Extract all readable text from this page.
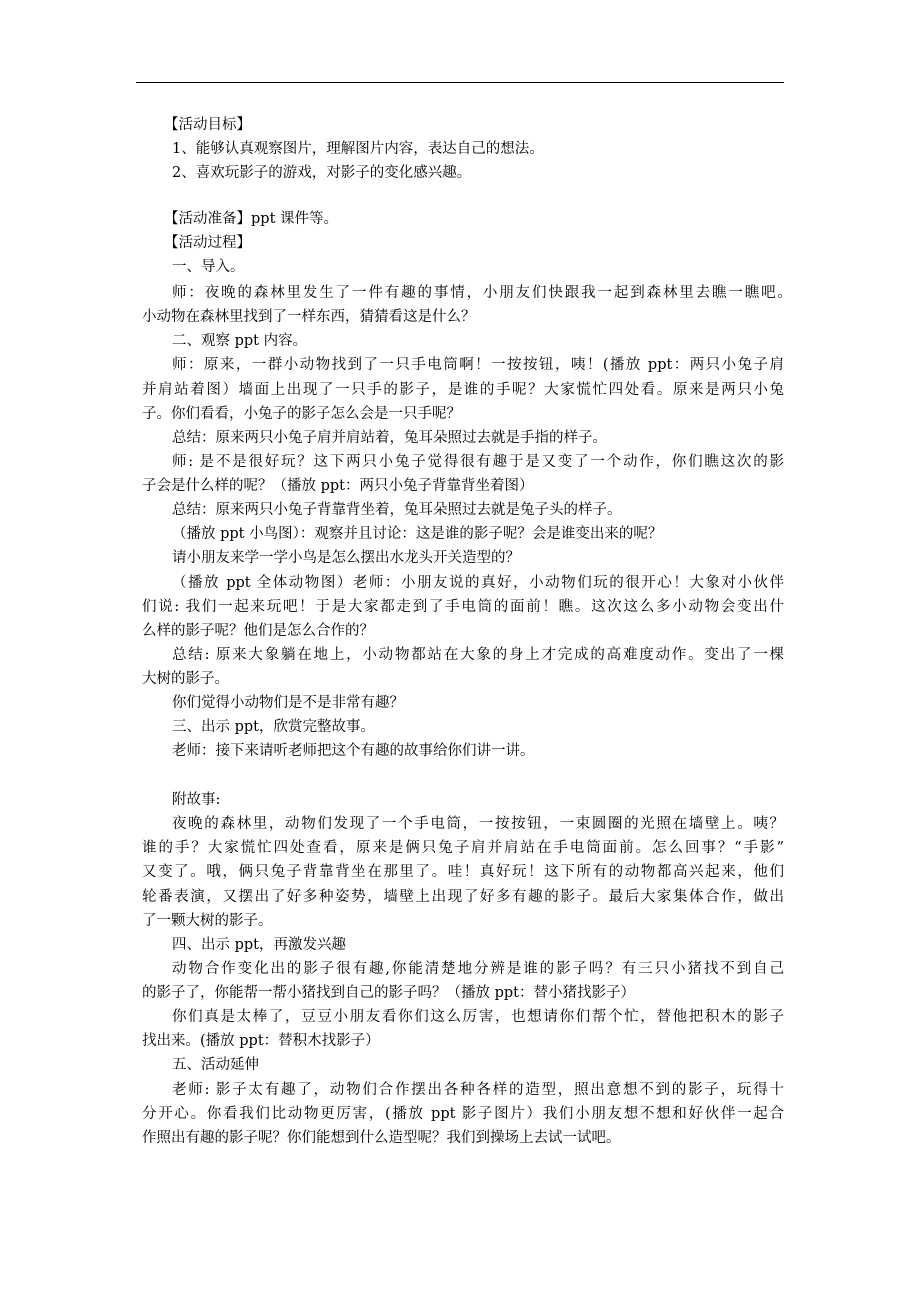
【活动目标】
1、能够认真观察图片，理解图片内容，表达自己的想法。
2、喜欢玩影子的游戏，对影子的变化感兴趣。
【活动准备】ppt 课件等。
【活动过程】
一、导入。
师：夜晚的森林里发生了一件有趣的事情，小朋友们快跟我一起到森林里去瞧一瞧吧。
小动物在森林里找到了一样东西，猜猜看这是什么？
二、观察 ppt 内容。
师：原来，一群小动物找到了一只手电筒啊！一按按钮，咦！(播放 ppt：两只小兔子肩
并肩站着图）墙面上出现了一只手的影子，是谁的手呢？大家慌忙四处看。原来是两只小兔
子。你们看看，小兔子的影子怎么会是一只手呢？
总结：原来两只小兔子肩并肩站着，兔耳朵照过去就是手指的样子。
师: 是不是很好玩？这下两只小兔子觉得很有趣于是又变了一个动作，你们瞧这次的影
子会是什么样的呢？（播放 ppt：两只小兔子背靠背坐着图）
总结：原来两只小兔子背靠背坐着，兔耳朵照过去就是兔子头的样子。
（播放 ppt 小鸟图）：观察并且讨论：这是谁的影子呢？会是谁变出来的呢？
请小朋友来学一学小鸟是怎么摆出水龙头开关造型的？
（播放 ppt 全体动物图）老师：小朋友说的真好，小动物们玩的很开心！大象对小伙伴
们说: 我们一起来玩吧！于是大家都走到了手电筒的面前！瞧。这次这么多小动物会变出什
么样的影子呢？他们是怎么合作的？
总结: 原来大象躺在地上，小动物都站在大象的身上才完成的高难度动作。变出了一棵
大树的影子。
你们觉得小动物们是不是非常有趣？
三、出示 ppt，欣赏完整故事。
老师：接下来请听老师把这个有趣的故事给你们讲一讲。
附故事:
夜晚的森林里，动物们发现了一个手电筒，一按按钮，一束圆圈的光照在墙壁上。咦？
谁的手？大家慌忙四处查看，原来是俩只兔子肩并肩站在手电筒面前。怎么回事？“手影”
又变了。哦，俩只兔子背靠背坐在那里了。哇！真好玩！这下所有的动物都高兴起来，他们
轮番表演，又摆出了好多种姿势，墙壁上出现了好多有趣的影子。最后大家集体合作，做出
了一颗大树的影子。
四、出示 ppt，再激发兴趣
动物合作变化出的影子很有趣,你能清楚地分辨是谁的影子吗？有三只小猪找不到自己
的影子了，你能帮一帮小猪找到自己的影子吗？（播放 ppt：替小猪找影子）
你们真是太棒了，豆豆小朋友看你们这么厉害，也想请你们帮个忙，替他把积木的影子
找出来。(播放 ppt：替积木找影子）
五、活动延伸
老师: 影子太有趣了，动物们合作摆出各种各样的造型，照出意想不到的影子，玩得十
分开心。你看我们比动物更厉害，(播放 ppt 影子图片）我们小朋友想不想和好伙伴一起合
作照出有趣的影子呢？你们能想到什么造型呢？我们到操场上去试一试吧。
